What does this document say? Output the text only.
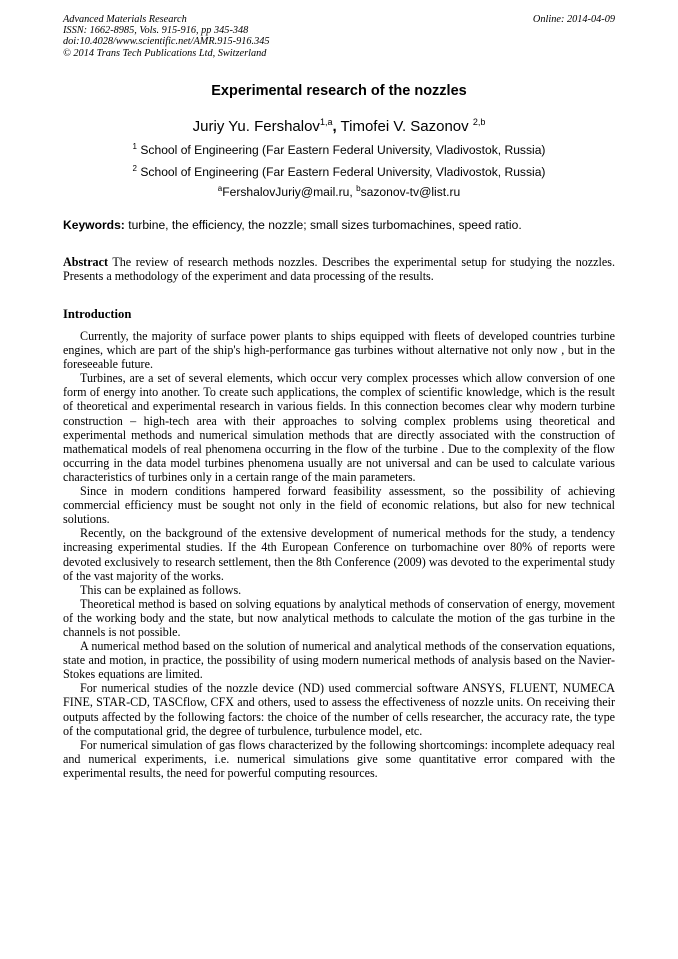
Advanced Materials Research
ISSN: 1662-8985, Vols. 915-916, pp 345-348
doi:10.4028/www.scientific.net/AMR.915-916.345
© 2014 Trans Tech Publications Ltd, Switzerland
Online: 2014-04-09
Experimental research of the nozzles
Juriy Yu. Fershalov$^{1,a}$, Timofei V. Sazonov $^{2,b}$
$^1$ School of Engineering (Far Eastern Federal University, Vladivostok, Russia)
$^2$ School of Engineering (Far Eastern Federal University, Vladivostok, Russia)
$^a$FershalovJuriy@mail.ru, $^b$sazonov-tv@list.ru
Keywords: turbine, the efficiency, the nozzle; small sizes turbomachines, speed ratio.
Abstract The review of research methods nozzles. Describes the experimental setup for studying the nozzles. Presents a methodology of the experiment and data processing of the results.
Introduction

Currently, the majority of surface power plants to ships equipped with fleets of developed countries turbine engines, which are part of the ship's high-performance gas turbines without alternative not only now , but in the foreseeable future.

Turbines, are a set of several elements, which occur very complex processes which allow conversion of one form of energy into another. To create such applications, the complex of scientific knowledge, which is the result of theoretical and experimental research in various fields. In this connection becomes clear why modern turbine construction – high-tech area with their approaches to solving complex problems using theoretical and experimental methods and numerical simulation methods that are directly associated with the construction of mathematical models of real phenomena occurring in the flow of the turbine . Due to the complexity of the flow occurring in the data model turbines phenomena usually are not universal and can be used to calculate various characteristics of turbines only in a certain range of the main parameters.

Since in modern conditions hampered forward feasibility assessment, so the possibility of achieving commercial efficiency must be sought not only in the field of economic relations, but also for new technical solutions.

Recently, on the background of the extensive development of numerical methods for the study, a tendency increasing experimental studies. If the 4th European Conference on turbomachine over 80% of reports were devoted exclusively to research settlement, then the 8th Conference (2009) was devoted to the experimental study of the vast majority of the works.

This can be explained as follows.

Theoretical method is based on solving equations by analytical methods of conservation of energy, movement of the working body and the state, but now analytical methods to calculate the motion of the gas turbine in the channels is not possible.

A numerical method based on the solution of numerical and analytical methods of the conservation equations, state and motion, in practice, the possibility of using modern numerical methods of analysis based on the Navier-Stokes equations are limited.

For numerical studies of the nozzle device (ND) used commercial software ANSYS, FLUENT, NUMECA FINE, STAR-CD, TASCflow, CFX and others, used to assess the effectiveness of nozzle units. On receiving their outputs affected by the following factors: the choice of the number of cells researcher, the accuracy rate, the type of the computational grid, the degree of turbulence, turbulence model, etc.

For numerical simulation of gas flows characterized by the following shortcomings: incomplete adequacy real and numerical experiments, i.e. numerical simulations give some quantitative error compared with the experimental results, the need for powerful computing resources.
